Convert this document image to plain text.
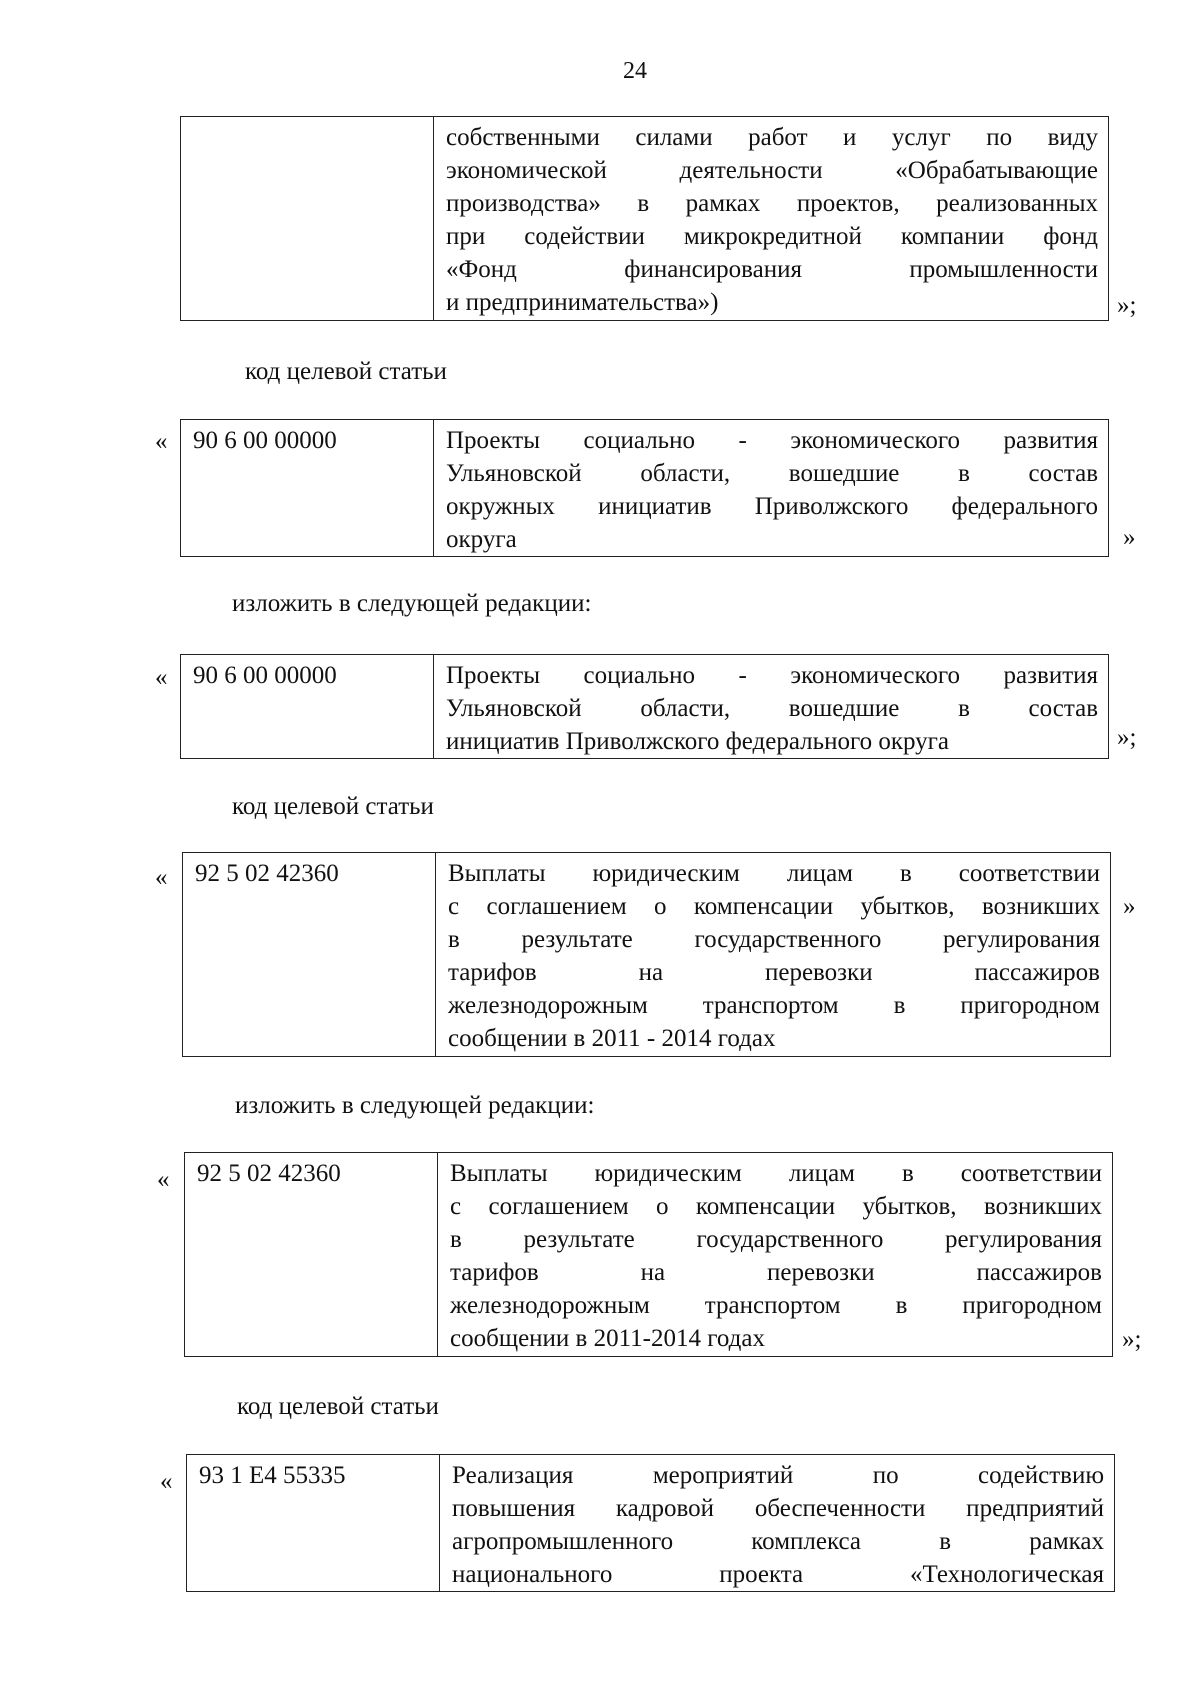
24

собственными силами работ и услуг по виду
экономической деятельности «Обрабатывающие
производства» в рамках проектов, реализованных
при содействии микрокредитной компании фонд
«Фонд финансирования промышленности
и предпринимательства»)	»;
код целевой статьи
« 90 6 00 00000	Проекты социально - экономического развития
Ульяновской области, вошедшие в состав
окружных инициатив Приволжского федерального
округа	»
изложить в следующей редакции:
« 90 6 00 00000	Проекты социально - экономического развития
Ульяновской области, вошедшие в состав
инициатив Приволжского федерального округа	»;
код целевой статьи
« 92 5 02 42360	Выплаты юридическим лицам в соответствии
с соглашением о компенсации убытков, возникших
в результате государственного регулирования
тарифов на перевозки пассажиров
железнодорожным транспортом в пригородном
сообщении в 2011 - 2014 годах
»
изложить в следующей редакции:
« 92 5 02 42360	Выплаты юридическим лицам в соответствии
с соглашением о компенсации убытков, возникших
в результате государственного регулирования
тарифов на перевозки пассажиров
железнодорожным транспортом в пригородном
сообщении в 2011-2014 годах	»;
код целевой статьи
« 93 1 E4 55335	Реализация мероприятий по содействию
повышения кадровой обеспеченности предприятий
агропромышленного комплекса в рамках
национального проекта «Технологическая
